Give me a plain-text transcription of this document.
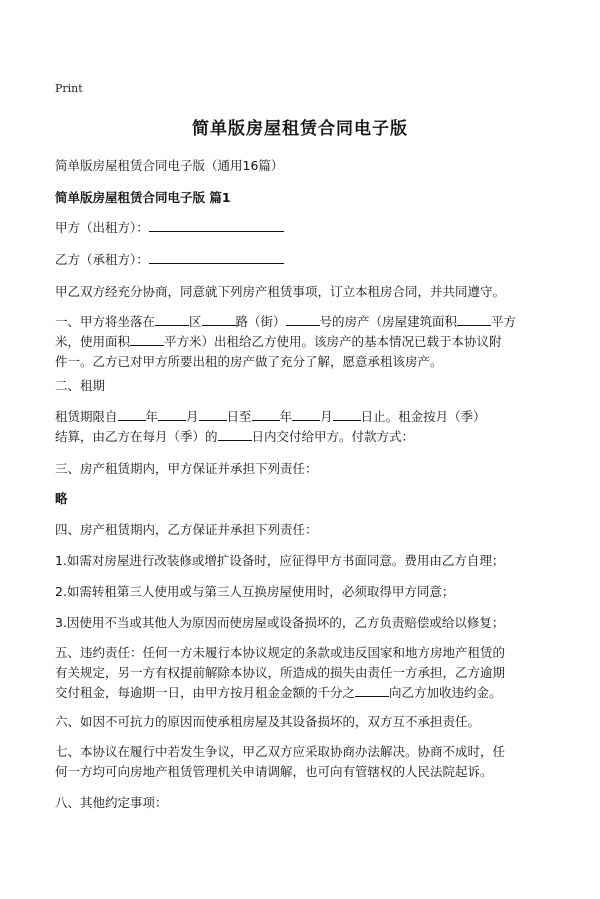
Print
简单版房屋租赁合同电子版
简单版房屋租赁合同电子版（通用16篇）
简单版房屋租赁合同电子版 篇1
甲方（出租方）：
乙方（承租方）：
甲乙双方经充分协商，同意就下列房产租赁事项，订立本租房合同，并共同遵守。
一、甲方将坐落在	区	路（街）	号的房产（房屋建筑面积	平方
米，使用面积	平方米）出租给乙方使用。该房产的基本情况已载于本协议附
件一。乙方已对甲方所要出租的房产做了充分了解，愿意承租该房产。
二、租期
租赁期限自 年 月 日至 年 月 日止。租金按月（季）
结算，由乙方在每月（季）的	日内交付给甲方。付款方式：
三、房产租赁期内，甲方保证并承担下列责任：
略
四、房产租赁期内，乙方保证并承担下列责任：
1.如需对房屋进行改装修或增扩设备时，应征得甲方书面同意。费用由乙方自理；
2.如需转租第三人使用或与第三人互换房屋使用时，必须取得甲方同意；
3.因使用不当或其他人为原因而使房屋或设备损坏的，乙方负责赔偿或给以修复；
五、违约责任：任何一方未履行本协议规定的条款或违反国家和地方房地产租赁的
有关规定，另一方有权提前解除本协议，所造成的损失由责任一方承担，乙方逾期
交付租金，每逾期一日，由甲方按月租金金额的千分之	向乙方加收违约金。
六、如因不可抗力的原因而使承租房屋及其设备损坏的，双方互不承担责任。
七、本协议在履行中若发生争议，甲乙双方应采取协商办法解决。协商不成时，任
何一方均可向房地产租赁管理机关申请调解，也可向有管辖权的人民法院起诉。
八、其他约定事项：
